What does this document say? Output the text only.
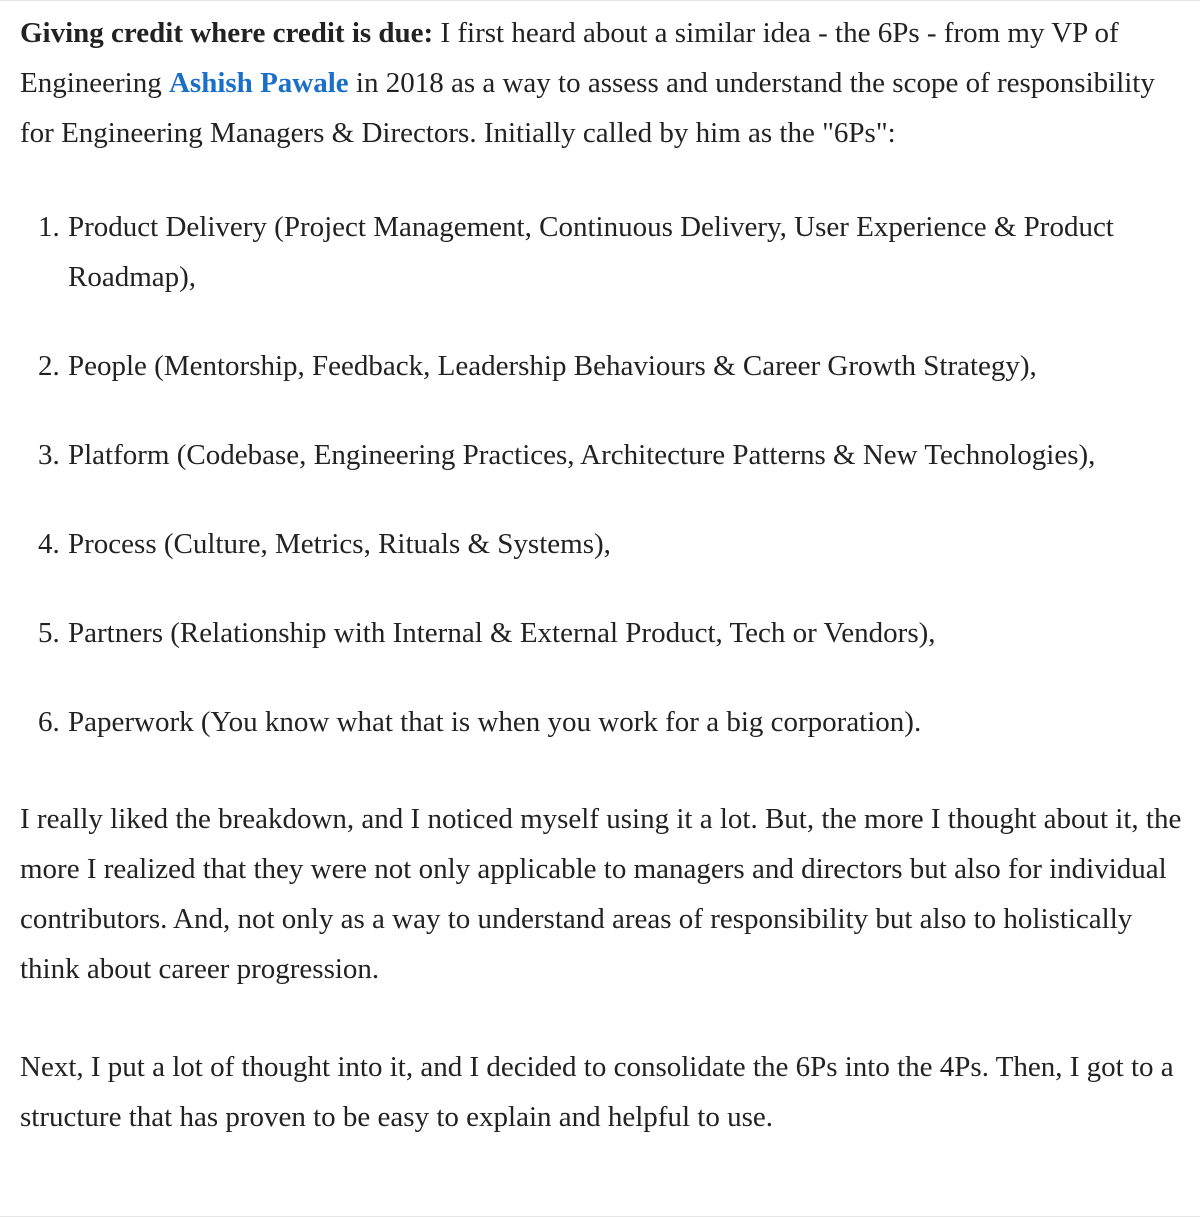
Giving credit where credit is due: I first heard about a similar idea - the 6Ps - from my VP of Engineering Ashish Pawale in 2018 as a way to assess and understand the scope of responsibility for Engineering Managers & Directors. Initially called by him as the "6Ps":

1. Product Delivery (Project Management, Continuous Delivery, User Experience & Product Roadmap),
2. People (Mentorship, Feedback, Leadership Behaviours & Career Growth Strategy),
3. Platform (Codebase, Engineering Practices, Architecture Patterns & New Technologies),
4. Process (Culture, Metrics, Rituals & Systems),
5. Partners (Relationship with Internal & External Product, Tech or Vendors),
6. Paperwork (You know what that is when you work for a big corporation).

I really liked the breakdown, and I noticed myself using it a lot. But, the more I thought about it, the more I realized that they were not only applicable to managers and directors but also for individual contributors. And, not only as a way to understand areas of responsibility but also to holistically think about career progression.

Next, I put a lot of thought into it, and I decided to consolidate the 6Ps into the 4Ps. Then, I got to a structure that has proven to be easy to explain and helpful to use.
